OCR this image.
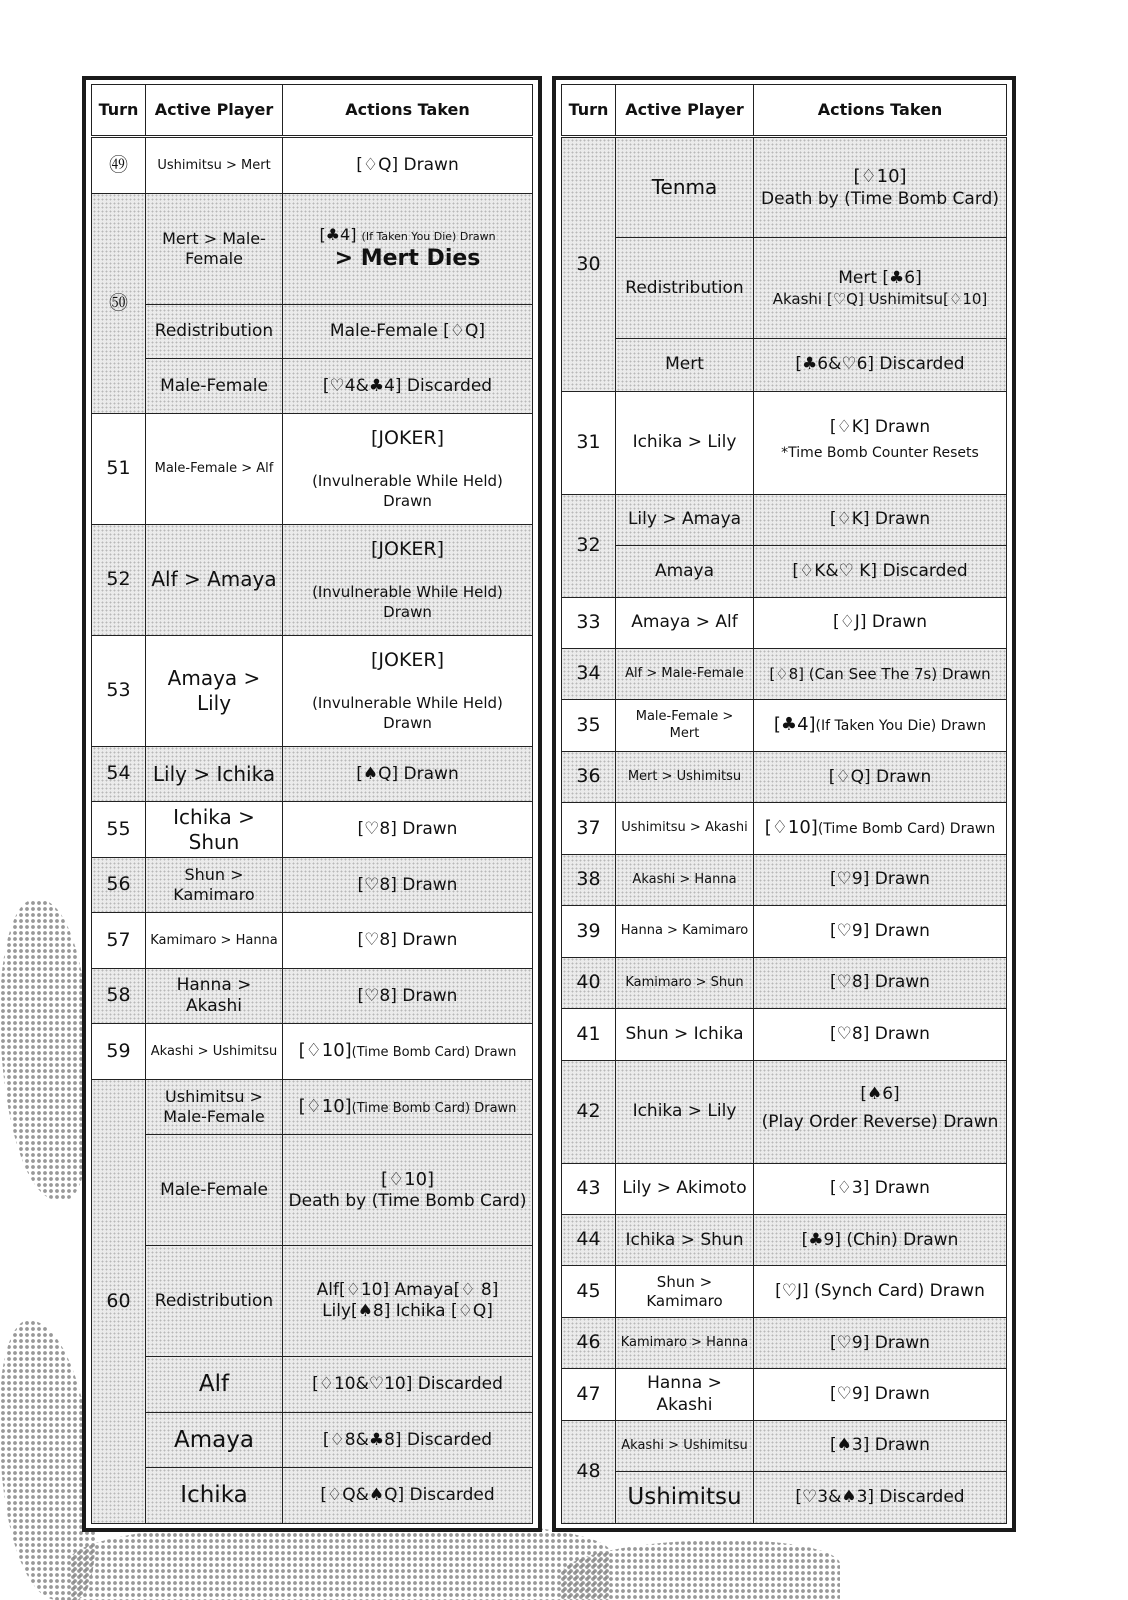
Turn	Active Player	Actions Taken
㊾	Ushimitsu > Mert	[♢Q] Drawn
㊿	Mert > Male-Female	[♣4] (If Taken You Die) Drawn
> Mert Dies
	Redistribution	Male-Female [♢Q]
	Male-Female	[♡4&♣4] Discarded
51	Male-Female > Alf	[JOKER]

(Invulnerable While Held) Drawn
52	Alf > Amaya	[JOKER]

(Invulnerable While Held) Drawn
53	Amaya > Lily	[JOKER]

(Invulnerable While Held) Drawn
54	Lily > Ichika	[♠Q] Drawn
55	Ichika > Shun	[♡8] Drawn
56	Shun > Kamimaro	[♡8] Drawn
57	Kamimaro > Hanna	[♡8] Drawn
58	Hanna > Akashi	[♡8] Drawn
59	Akashi > Ushimitsu	[♢10](Time Bomb Card) Drawn
60	Ushimitsu > Male-Female	[♢10](Time Bomb Card) Drawn
	Male-Female	[♢10]
Death by (Time Bomb Card)
	Redistribution	Alf[♢10] Amaya[♢ 8]
Lily[♠8] Ichika [♢Q]
	Alf	[♢10&♡10] Discarded
	Amaya	[♢8&♣8] Discarded
	Ichika	[♢Q&♠Q] Discarded
Turn	Active Player	Actions Taken
30	Tenma	[♢10]
Death by (Time Bomb Card)
	Redistribution	Mert [♣6]
Akashi [♡Q] Ushimitsu[♢10]
	Mert	[♣6&♡6] Discarded
31	Ichika > Lily	[♢K] Drawn
*Time Bomb Counter Resets
32	Lily > Amaya	[♢K] Drawn
	Amaya	[♢K&♡ K] Discarded
33	Amaya > Alf	[♢J] Drawn
34	Alf > Male-Female	[♢8] (Can See The 7s) Drawn
35	Male-Female > Mert	[♣4](If Taken You Die) Drawn
36	Mert > Ushimitsu	[♢Q] Drawn
37	Ushimitsu > Akashi	[♢10](Time Bomb Card) Drawn
38	Akashi > Hanna	[♡9] Drawn
39	Hanna > Kamimaro	[♡9] Drawn
40	Kamimaro > Shun	[♡8] Drawn
41	Shun > Ichika	[♡8] Drawn
42	Ichika > Lily	[♠6]
(Play Order Reverse) Drawn
43	Lily > Akimoto	[♢3] Drawn
44	Ichika > Shun	[♣9] (Chin) Drawn
45	Shun > Kamimaro	[♡J] (Synch Card) Drawn
46	Kamimaro > Hanna	[♡9] Drawn
47	Hanna > Akashi	[♡9] Drawn
48	Akashi > Ushimitsu	[♠3] Drawn
	Ushimitsu	[♡3&♠3] Discarded
